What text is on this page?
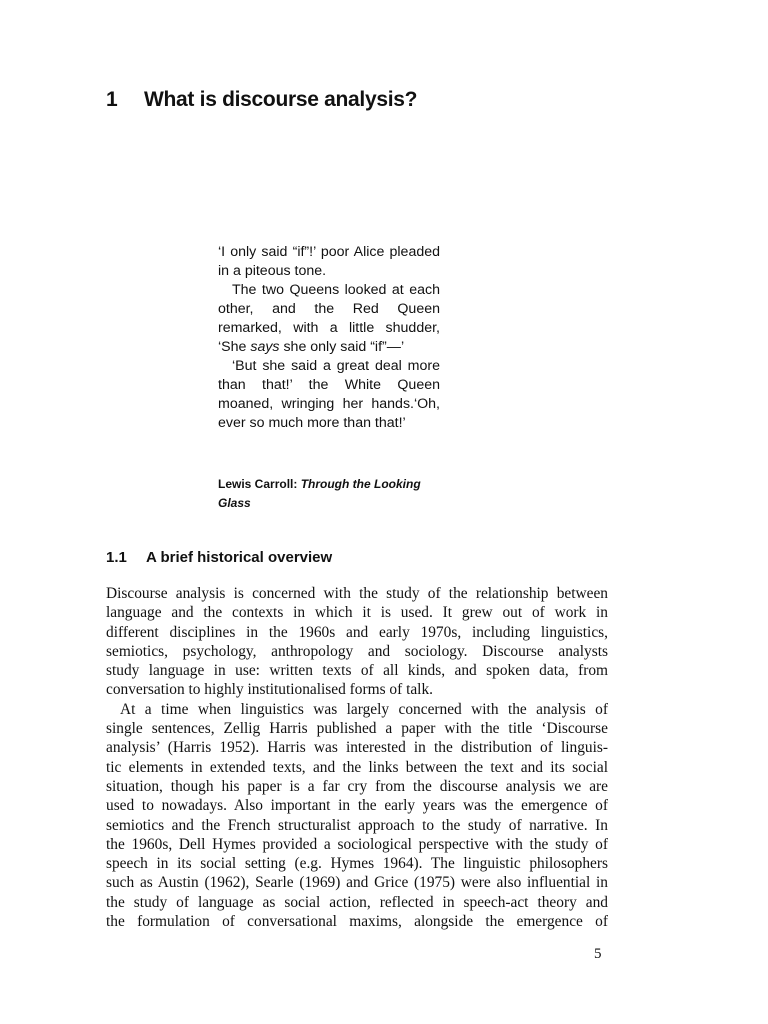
1 What is discourse analysis?

‘I only said “if”!’ poor Alice pleaded in a piteous tone.

The two Queens looked at each other, and the Red Queen remarked, with a little shudder, ‘She says she only said “if”—’

‘But she said a great deal more than that!’ the White Queen moaned, wringing her hands.‘Oh, ever so much more than that!’

Lewis Carroll: Through the Looking Glass
1.1 A brief historical overview
Discourse analysis is concerned with the study of the relationship between
language and the contexts in which it is used. It grew out of work in
different disciplines in the 1960s and early 1970s, including linguistics,
semiotics, psychology, anthropology and sociology. Discourse analysts
study language in use: written texts of all kinds, and spoken data, from
conversation to highly institutionalised forms of talk.
At a time when linguistics was largely concerned with the analysis of
single sentences, Zellig Harris published a paper with the title ‘Discourse
analysis’ (Harris 1952). Harris was interested in the distribution of linguis-
tic elements in extended texts, and the links between the text and its social
situation, though his paper is a far cry from the discourse analysis we are
used to nowadays. Also important in the early years was the emergence of
semiotics and the French structuralist approach to the study of narrative. In
the 1960s, Dell Hymes provided a sociological perspective with the study of
speech in its social setting (e.g. Hymes 1964). The linguistic philosophers
such as Austin (1962), Searle (1969) and Grice (1975) were also influential in
the study of language as social action, reflected in speech-act theory and
the formulation of conversational maxims, alongside the emergence of
5
